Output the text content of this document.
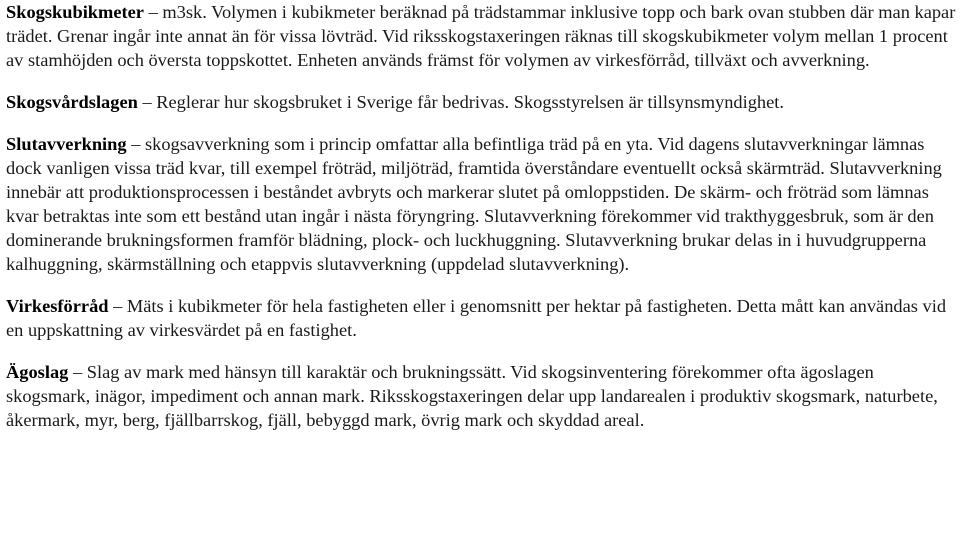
Skogskubikmeter – m3sk. Volymen i kubikmeter beräknad på trädstammar inklusive topp och bark ovan stubben där man kapar trädet. Grenar ingår inte annat än för vissa lövträd. Vid riksskogstaxeringen räknas till skogskubikmeter volym mellan 1 procent av stamhöjden och översta toppskottet. Enheten används främst för volymen av virkesförråd, tillväxt och avverkning.

Skogsvårdslagen – Reglerar hur skogsbruket i Sverige får bedrivas. Skogsstyrelsen är tillsynsmyndighet.

Slutavverkning – skogsavverkning som i princip omfattar alla befintliga träd på en yta. Vid dagens slutavverkningar lämnas dock vanligen vissa träd kvar, till exempel fröträd, miljöträd, framtida överståndare eventuellt också skärmträd. Slutavverkning innebär att produktionsprocessen i beståndet avbryts och markerar slutet på omloppstiden. De skärm- och fröträd som lämnas kvar betraktas inte som ett bestånd utan ingår i nästa föryngring. Slutavverkning förekommer vid trakthyggesbruk, som är den dominerande brukningsformen framför blädning, plock- och luckhuggning. Slutavverkning brukar delas in i huvudgrupperna kalhuggning, skärmställning och etappvis slutavverkning (uppdelad slutavverkning).

Virkesförråd – Mäts i kubikmeter för hela fastigheten eller i genomsnitt per hektar på fastigheten. Detta mått kan användas vid en uppskattning av virkesvärdet på en fastighet.

Ägoslag – Slag av mark med hänsyn till karaktär och brukningssätt. Vid skogsinventering förekommer ofta ägoslagen skogsmark, inägor, impediment och annan mark. Riksskogstaxeringen delar upp landarealen i produktiv skogsmark, naturbete, åkermark, myr, berg, fjällbarrskog, fjäll, bebyggd mark, övrig mark och skyddad areal.
